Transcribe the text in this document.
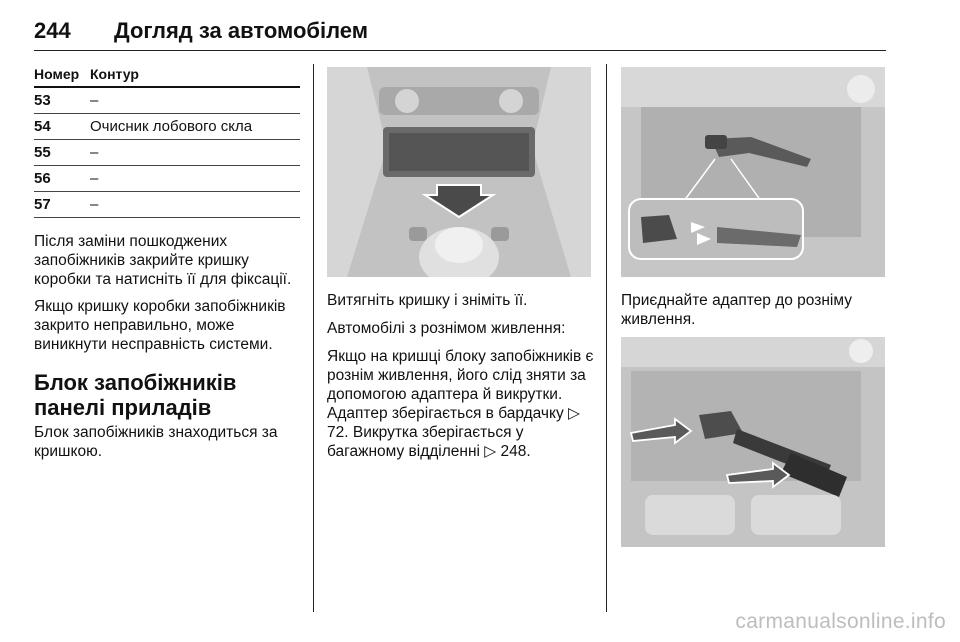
244 Догляд за автомобілем
Номер Контур
53	–
54	Очисник лобового скла
55	–
56	–
57	–

Після заміни пошкоджених запобіжників закрийте кришку коробки та натисніть її для фіксації.

Якщо кришку коробки запобіжників закрито неправильно, може виникнути несправність системи.

Блок запобіжників панелі приладів

Блок запобіжників знаходиться за кришкою.

Витягніть кришку і зніміть її.

Автомобілі з рознімом живлення:

Якщо на кришці блоку запобіжників є рознім живлення, його слід зняти за допомогою адаптера й викрутки. Адаптер зберігається в бардачку ▷ 72. Викрутка зберігається у багажному відділенні ▷ 248.

Приєднайте адаптер до розніму живлення.

carmanualsonline.info
